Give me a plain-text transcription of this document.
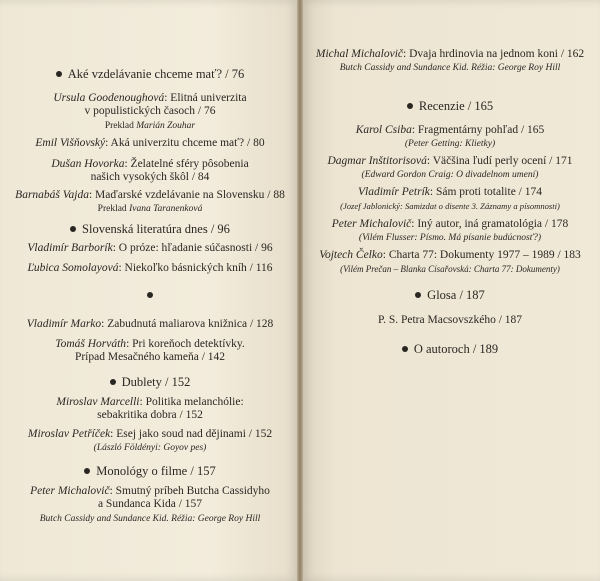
Aké vzdelávanie chceme mať? / 76
Ursula Goodenoughová: Elitná univerzita
v populistických časoch / 76
Preklad Marián Zouhar
Emil Višňovský: Aká univerzitu chceme mať? / 80
Dušan Hovorka: Želatelné sféry pôsobenia
našich vysokých škôl / 84
Barnabáš Vajda: Maďarské vzdelávanie na Slovensku / 88
Preklad Ivana Taranenková
Slovenská literatúra dnes / 96
Vladimír Barborík: O próze: hľadanie súčasnosti / 96
Ľubica Somolayová: Niekoľko básnických kníh / 116
Vladimír Marko: Zabudnutá maliarova knižnica / 128
Tomáš Horváth: Pri koreňoch detektívky.
Prípad Mesačného kameňa / 142
Dublety / 152
Miroslav Marcelli: Politika melanchólie:
sebakritika dobra / 152
Miroslav Petříček: Esej jako soud nad dějinami / 152
(László Földényi: Goyov pes)
Monológy o filme / 157
Peter Michalovič: Smutný príbeh Butcha Cassidyho
a Sundanca Kida / 157
Butch Cassidy and Sundance Kid. Réžia: George Roy Hill
Michal Michalovič: Dvaja hrdinovia na jednom koni / 162
Butch Cassidy and Sundance Kid. Réžia: George Roy Hill
Recenzie / 165
Karol Csiba: Fragmentárny pohľad / 165
(Peter Getting: Klietky)
Dagmar Inštitorisová: Väčšina ľudí perly ocení / 171
(Edward Gordon Craig: O divadelnom umení)
Vladimír Petrík: Sám proti totalite / 174
(Jozef Jablonický: Samizdat o disente 3. Záznamy a písomnosti)
Peter Michalovič: Iný autor, iná gramatológia / 178
(Vilém Flusser: Písmo. Má písanie budúcnosť?)
Vojtech Čelko: Charta 77: Dokumenty 1977 – 1989 / 183
(Vilém Prečan – Blanka Císařovská: Charta 77: Dokumenty)
Glosa / 187
P. S. Petra Macsovszkého / 187
O autoroch / 189
